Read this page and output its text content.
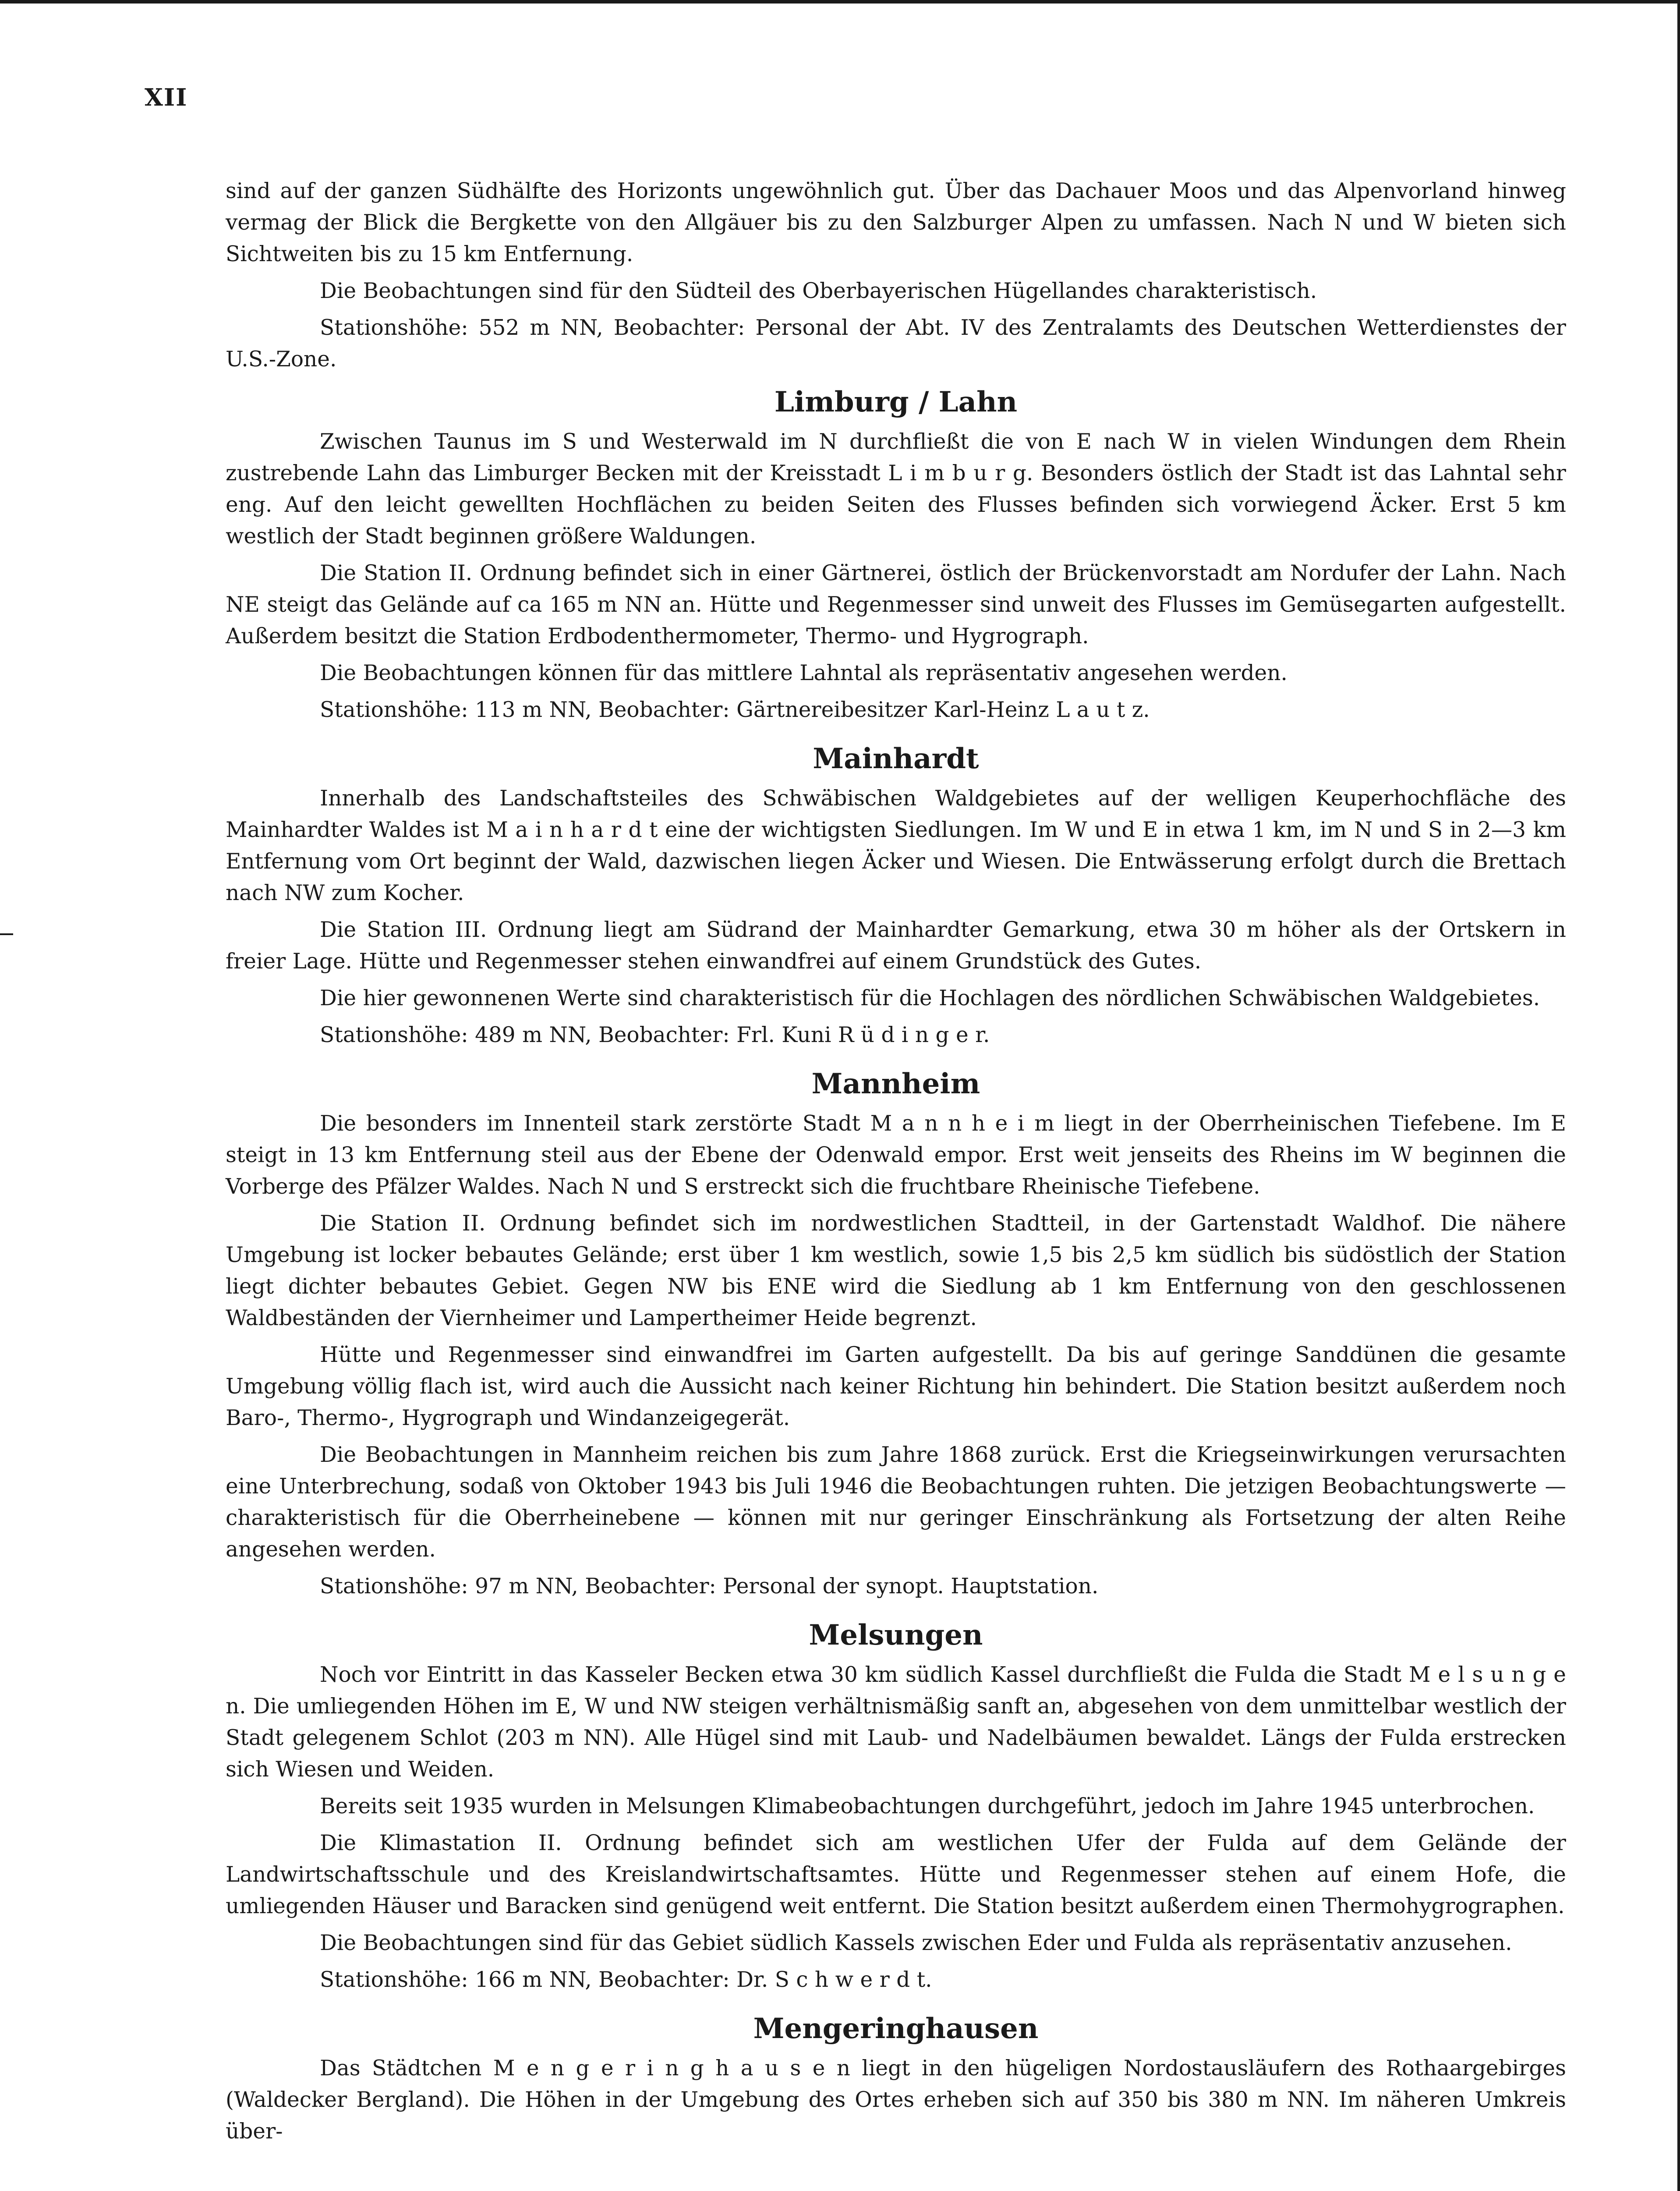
XII

sind auf der ganzen Südhälfte des Horizonts ungewöhnlich gut. Über das Dachauer Moos und das Alpenvorland hinweg vermag der Blick die Bergkette von den Allgäuer bis zu den Salzburger Alpen zu umfassen. Nach N und W bieten sich Sichtweiten bis zu 15 km Entfernung.

Die Beobachtungen sind für den Südteil des Oberbayerischen Hügellandes charakteristisch.

Stationshöhe: 552 m NN, Beobachter: Personal der Abt. IV des Zentralamts des Deutschen Wetterdienstes der U.S.-Zone.

Limburg / Lahn

Zwischen Taunus im S und Westerwald im N durchfließt die von E nach W in vielen Windungen dem Rhein zustrebende Lahn das Limburger Becken mit der Kreisstadt L i m b u r g. Besonders östlich der Stadt ist das Lahntal sehr eng. Auf den leicht gewellten Hochflächen zu beiden Seiten des Flusses befinden sich vorwiegend Äcker. Erst 5 km westlich der Stadt beginnen größere Waldungen.

Die Station II. Ordnung befindet sich in einer Gärtnerei, östlich der Brückenvorstadt am Nordufer der Lahn. Nach NE steigt das Gelände auf ca 165 m NN an. Hütte und Regenmesser sind unweit des Flusses im Gemüsegarten aufgestellt. Außerdem besitzt die Station Erdbodenthermometer, Thermo- und Hygrograph.

Die Beobachtungen können für das mittlere Lahntal als repräsentativ angesehen werden.

Stationshöhe: 113 m NN, Beobachter: Gärtnereibesitzer Karl-Heinz L a u t z.

Mainhardt

Innerhalb des Landschaftsteiles des Schwäbischen Waldgebietes auf der welligen Keuperhochfläche des Mainhardter Waldes ist M a i n h a r d t eine der wichtigsten Siedlungen. Im W und E in etwa 1 km, im N und S in 2—3 km Entfernung vom Ort beginnt der Wald, dazwischen liegen Äcker und Wiesen. Die Entwässerung erfolgt durch die Brettach nach NW zum Kocher.

Die Station III. Ordnung liegt am Südrand der Mainhardter Gemarkung, etwa 30 m höher als der Ortskern in freier Lage. Hütte und Regenmesser stehen einwandfrei auf einem Grundstück des Gutes.

Die hier gewonnenen Werte sind charakteristisch für die Hochlagen des nördlichen Schwäbischen Waldgebietes.

Stationshöhe: 489 m NN, Beobachter: Frl. Kuni R ü d i n g e r.

Mannheim

Die besonders im Innenteil stark zerstörte Stadt M a n n h e i m liegt in der Oberrheinischen Tiefebene. Im E steigt in 13 km Entfernung steil aus der Ebene der Odenwald empor. Erst weit jenseits des Rheins im W beginnen die Vorberge des Pfälzer Waldes. Nach N und S erstreckt sich die fruchtbare Rheinische Tiefebene.

Die Station II. Ordnung befindet sich im nordwestlichen Stadtteil, in der Gartenstadt Waldhof. Die nähere Umgebung ist locker bebautes Gelände; erst über 1 km westlich, sowie 1,5 bis 2,5 km südlich bis südöstlich der Station liegt dichter bebautes Gebiet. Gegen NW bis ENE wird die Siedlung ab 1 km Entfernung von den geschlossenen Waldbeständen der Viernheimer und Lampertheimer Heide begrenzt.

Hütte und Regenmesser sind einwandfrei im Garten aufgestellt. Da bis auf geringe Sanddünen die gesamte Umgebung völlig flach ist, wird auch die Aussicht nach keiner Richtung hin behindert. Die Station besitzt außerdem noch Baro-, Thermo-, Hygrograph und Windanzeigegerät.

Die Beobachtungen in Mannheim reichen bis zum Jahre 1868 zurück. Erst die Kriegseinwirkungen verursachten eine Unterbrechung, sodaß von Oktober 1943 bis Juli 1946 die Beobachtungen ruhten. Die jetzigen Beobachtungswerte — charakteristisch für die Oberrheinebene — können mit nur geringer Einschränkung als Fortsetzung der alten Reihe angesehen werden.

Stationshöhe: 97 m NN, Beobachter: Personal der synopt. Hauptstation.

Melsungen

Noch vor Eintritt in das Kasseler Becken etwa 30 km südlich Kassel durchfließt die Fulda die Stadt M e l s u n g e n. Die umliegenden Höhen im E, W und NW steigen verhältnismäßig sanft an, abgesehen von dem unmittelbar westlich der Stadt gelegenem Schlot (203 m NN). Alle Hügel sind mit Laub- und Nadelbäumen bewaldet. Längs der Fulda erstrecken sich Wiesen und Weiden.

Bereits seit 1935 wurden in Melsungen Klimabeobachtungen durchgeführt, jedoch im Jahre 1945 unterbrochen.

Die Klimastation II. Ordnung befindet sich am westlichen Ufer der Fulda auf dem Gelände der Landwirtschaftsschule und des Kreislandwirtschaftsamtes. Hütte und Regenmesser stehen auf einem Hofe, die umliegenden Häuser und Baracken sind genügend weit entfernt. Die Station besitzt außerdem einen Thermohygrographen.

Die Beobachtungen sind für das Gebiet südlich Kassels zwischen Eder und Fulda als repräsentativ anzusehen.

Stationshöhe: 166 m NN, Beobachter: Dr. S c h w e r d t.

Mengeringhausen

Das Städtchen M e n g e r i n g h a u s e n liegt in den hügeligen Nordostausläufern des Rothaargebirges (Waldecker Bergland). Die Höhen in der Umgebung des Ortes erheben sich auf 350 bis 380 m NN. Im näheren Umkreis über-
